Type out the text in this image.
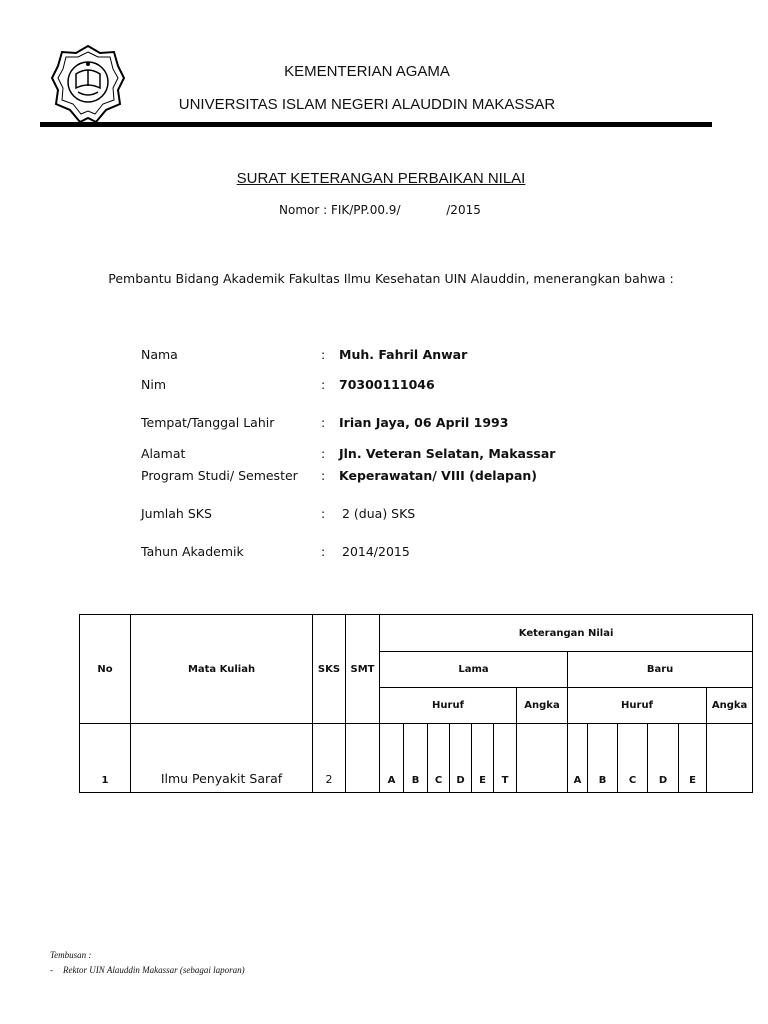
KEMENTERIAN AGAMA
UNIVERSITAS ISLAM NEGERI ALAUDDIN MAKASSAR
SURAT KETERANGAN PERBAIKAN NILAI
Nomor : FIK/PP.00.9/            /2015
Pembantu Bidang Akademik Fakultas Ilmu Kesehatan UIN Alauddin, menerangkan bahwa :
Nama	: Muh. Fahril Anwar
Nim	: 70300111046
Tempat/Tanggal Lahir	: Irian Jaya, 06 April 1993
Alamat	: Jln. Veteran Selatan, Makassar
Program Studi/ Semester : Keperawatan/ VIII (delapan)
Jumlah SKS	: 2 (dua) SKS
Tahun Akademik	: 2014/2015
No	Mata Kuliah	SKS	SMT	Keterangan Nilai												
				Lama							Baru					
				Huruf						Angka	Huruf					Angka
1	Ilmu Penyakit Saraf	2		A	B	C	D	E	T		A	B	C	D	E	
Tembusan :
- Rektor UIN Alauddin Makassar (sebagai laporan)
